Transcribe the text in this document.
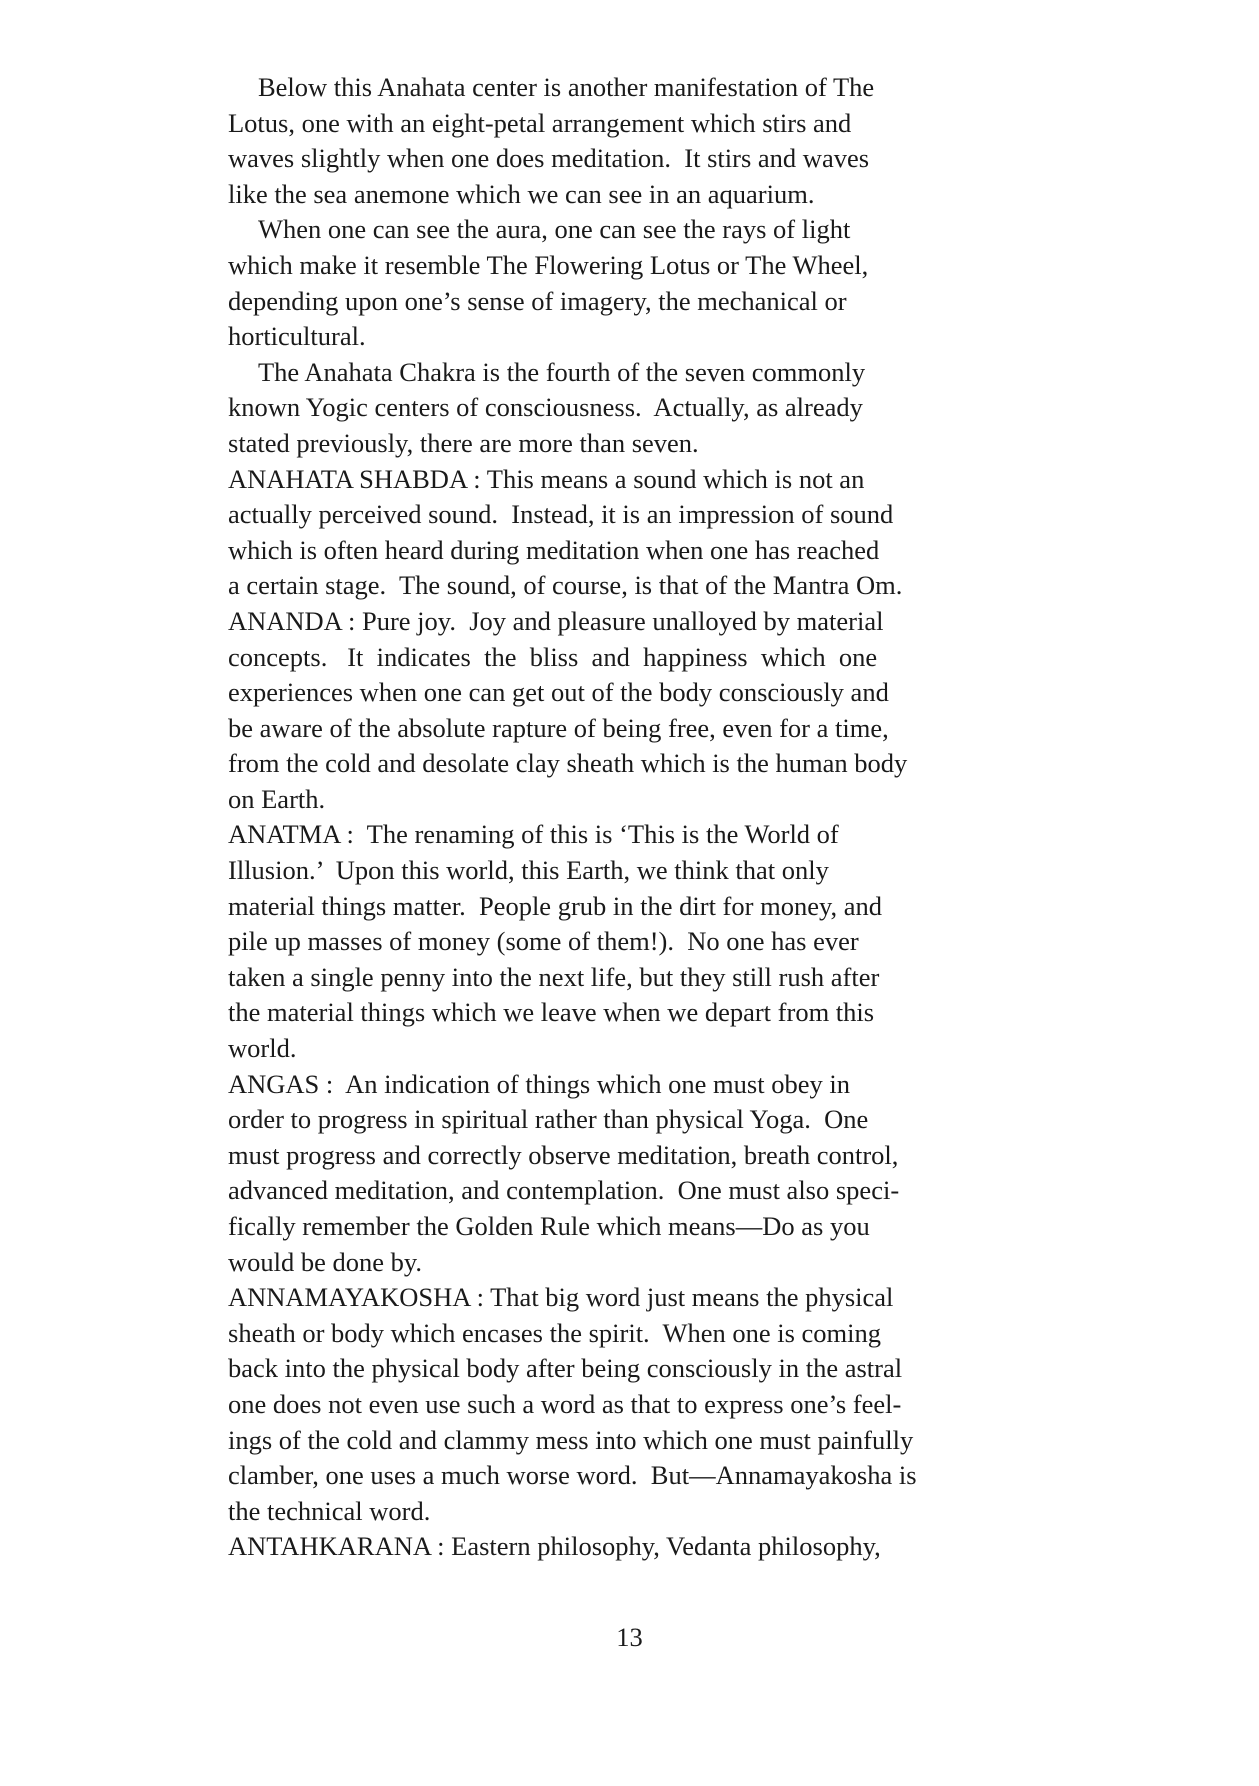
Below this Anahata center is another manifestation of The
Lotus, one with an eight-petal arrangement which stirs and
waves slightly when one does meditation.  It stirs and waves
like the sea anemone which we can see in an aquarium.

When one can see the aura, one can see the rays of light
which make it resemble The Flowering Lotus or The Wheel,
depending upon one’s sense of imagery, the mechanical or
horticultural.

The Anahata Chakra is the fourth of the seven commonly
known Yogic centers of consciousness.  Actually, as already
stated previously, there are more than seven.

ANAHATA SHABDA : This means a sound which is not an
actually perceived sound.  Instead, it is an impression of sound
which is often heard during meditation when one has reached
a certain stage.  The sound, of course, is that of the Mantra Om.

ANANDA : Pure joy.  Joy and pleasure unalloyed by material
concepts.   It  indicates  the  bliss  and  happiness  which  one
experiences when one can get out of the body consciously and
be aware of the absolute rapture of being free, even for a time,
from the cold and desolate clay sheath which is the human body
on Earth.

ANATMA :  The renaming of this is ‘This is the World of
Illusion.’  Upon this world, this Earth, we think that only
material things matter.  People grub in the dirt for money, and
pile up masses of money (some of them!).  No one has ever
taken a single penny into the next life, but they still rush after
the material things which we leave when we depart from this
world.

ANGAS :  An indication of things which one must obey in
order to progress in spiritual rather than physical Yoga.  One
must progress and correctly observe meditation, breath control,
advanced meditation, and contemplation.  One must also speci-
fically remember the Golden Rule which means—Do as you
would be done by.

ANNAMAYAKOSHA : That big word just means the physical
sheath or body which encases the spirit.  When one is coming
back into the physical body after being consciously in the astral
one does not even use such a word as that to express one’s feel-
ings of the cold and clammy mess into which one must painfully
clamber, one uses a much worse word.  But—Annamayakosha is
the technical word.

ANTAHKARANA : Eastern philosophy, Vedanta philosophy,

13
